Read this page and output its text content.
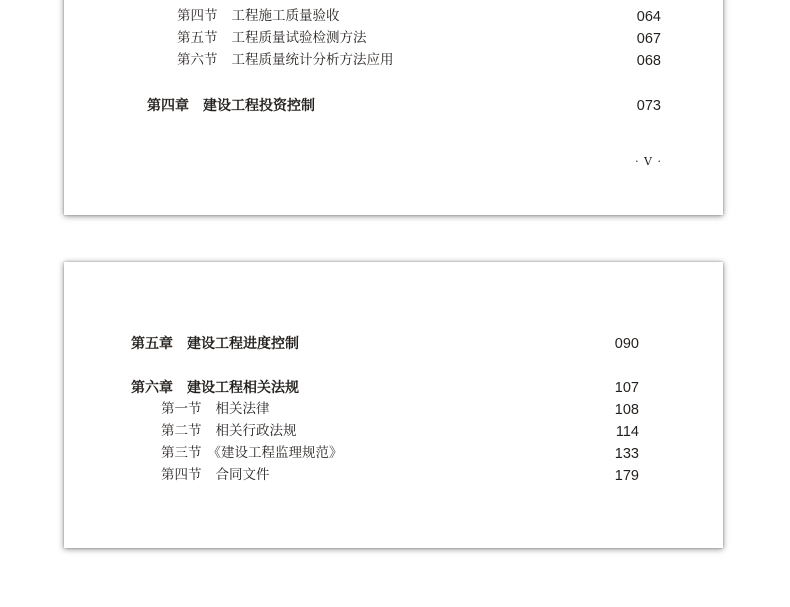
第四节 工程施工质量验收	064
第五节 工程质量试验检测方法	067
第六节 工程质量统计分析方法应用	068
第四章 建设工程投资控制	073
· V ·
第五章 建设工程进度控制	090
第六章 建设工程相关法规	107
第一节 相关法律	108
第二节 相关行政法规	114
第三节 《建设工程监理规范》	133
第四节 合同文件	179
